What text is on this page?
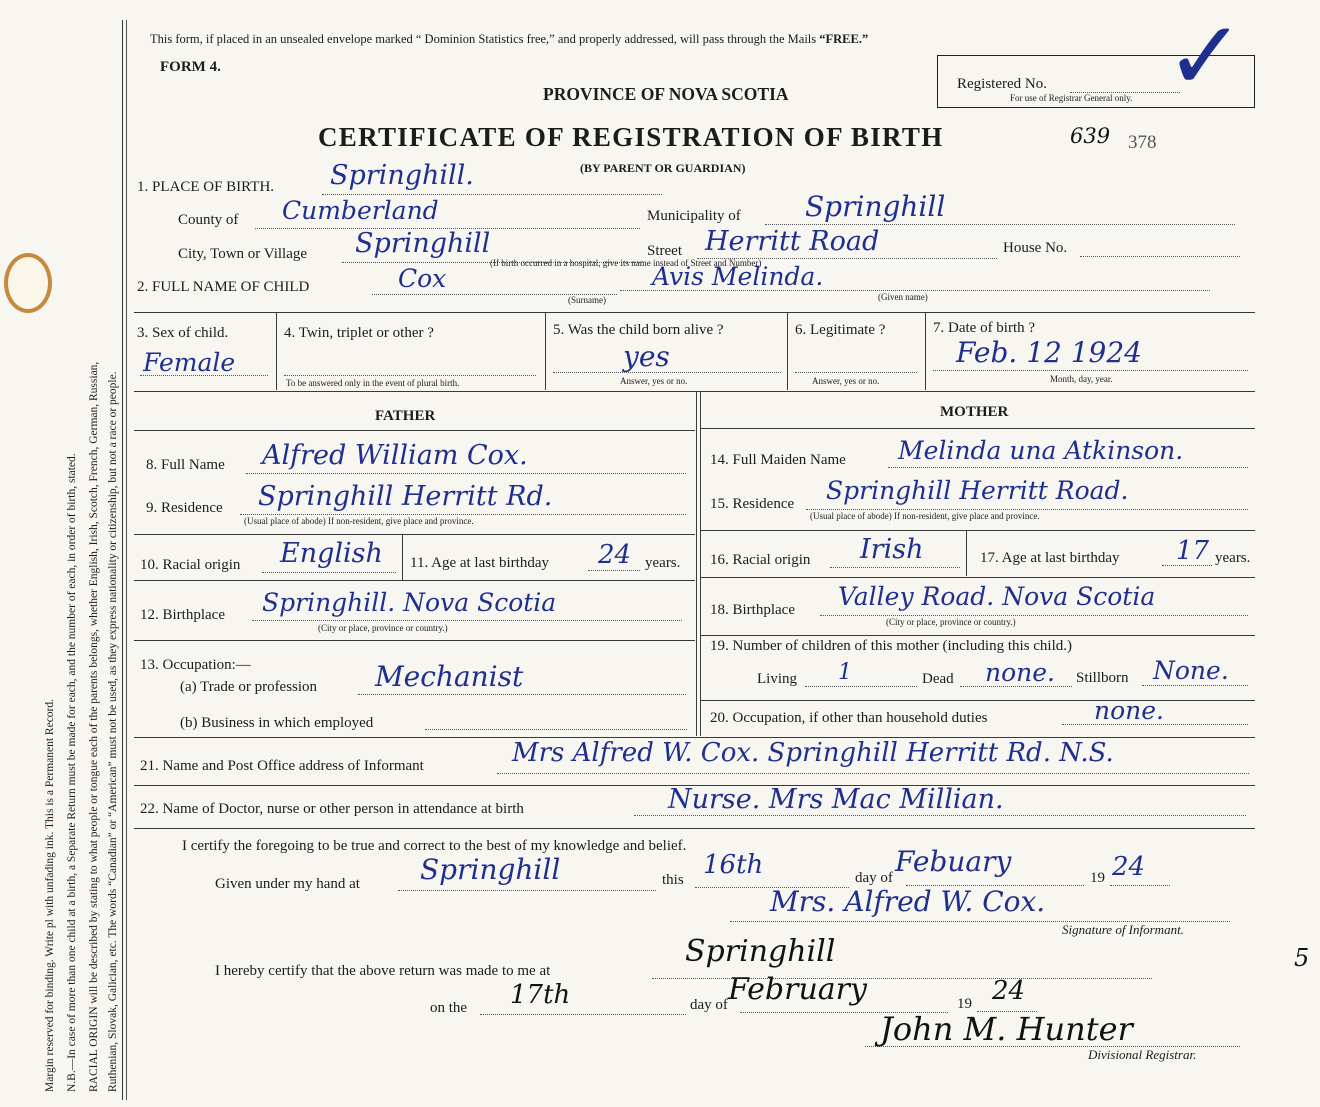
Margin reserved for binding. Write pl with unfading ink. This is a Permanent Record. N.B.—In case of more than one child at a birth, a Separate Return must be made for each, and the number of each, in order of birth, stated. RACIAL ORIGIN will be described by stating to what people or tongue each of the parents belongs, whether English, Irish, Scotch, French, German, Russian, Ruthenian, Slovak, Galician, etc. The words “Canadian” or “American” must not be used, as they express nationality or citizenship, but not a race or people.
This form, if placed in an unsealed envelope marked “ Dominion Statistics free,” and properly addressed, will pass through the Mails “FREE.”
FORM 4.
PROVINCE OF NOVA SCOTIA
CERTIFICATE OF REGISTRATION OF BIRTH	639 378
(BY PARENT OR GUARDIAN)
Registered No.
For use of Registrar General only. ✓
1. PLACE OF BIRTH. Springhill.
County of Cumberland	Municipality of Springhill
City, Town or Village Springhill	Street Herritt Road	House No.
(If birth occurred in a hospital, give its name instead of Street and Number)
2. FULL NAME OF CHILD	Cox
(Surname)
Avis Melinda.
(Given name)
3. Sex of child.
Female
4. Twin, triplet or other ?
To be answered only in the event of plural birth.
5. Was the child born alive ?
yes
Answer, yes or no.
6. Legitimate ?
Answer, yes or no.
7. Date of birth ?
Feb. 12 1924
Month, day, year.
FATHER	MOTHER
8. Full Name Alfred William Cox.
9. Residence Springhill Herritt Rd.
(Usual place of abode) If non-resident, give place and province.
10. Racial origin English 11. Age at last birthday 24 years.
12. Birthplace Springhill. Nova Scotia
(City or place, province or country.)
13. Occupation:—
(a) Trade or profession Mechanist
(b) Business in which employed
14. Full Maiden Name Melinda una Atkinson.
15. Residence Springhill Herritt Road.
(Usual place of abode) If non-resident, give place and province.
16. Racial origin Irish	17. Age at last birthday 17 years.
18. Birthplace Valley Road. Nova Scotia
(City or place, province or country.)
19. Number of children of this mother (including this child.)
Living 1	Dead none. Stillborn None.
20. Occupation, if other than household duties	none.
21. Name and Post Office address of Informant	Mrs Alfred W. Cox. Springhill Herritt Rd. N.S.
22. Name of Doctor, nurse or other person in attendance at birth	Nurse. Mrs Mac Millian.
I certify the foregoing to be true and correct to the best of my knowledge and belief.
Given under my hand at Springhill	this 16th	day of Febuary	19 24
Mrs. Alfred W. Cox.
Signature of Informant.
I hereby certify that the above return was made to me at
Springhill
on the 17th	day of February	19 24
John M. Hunter
Divisional Registrar.
5
